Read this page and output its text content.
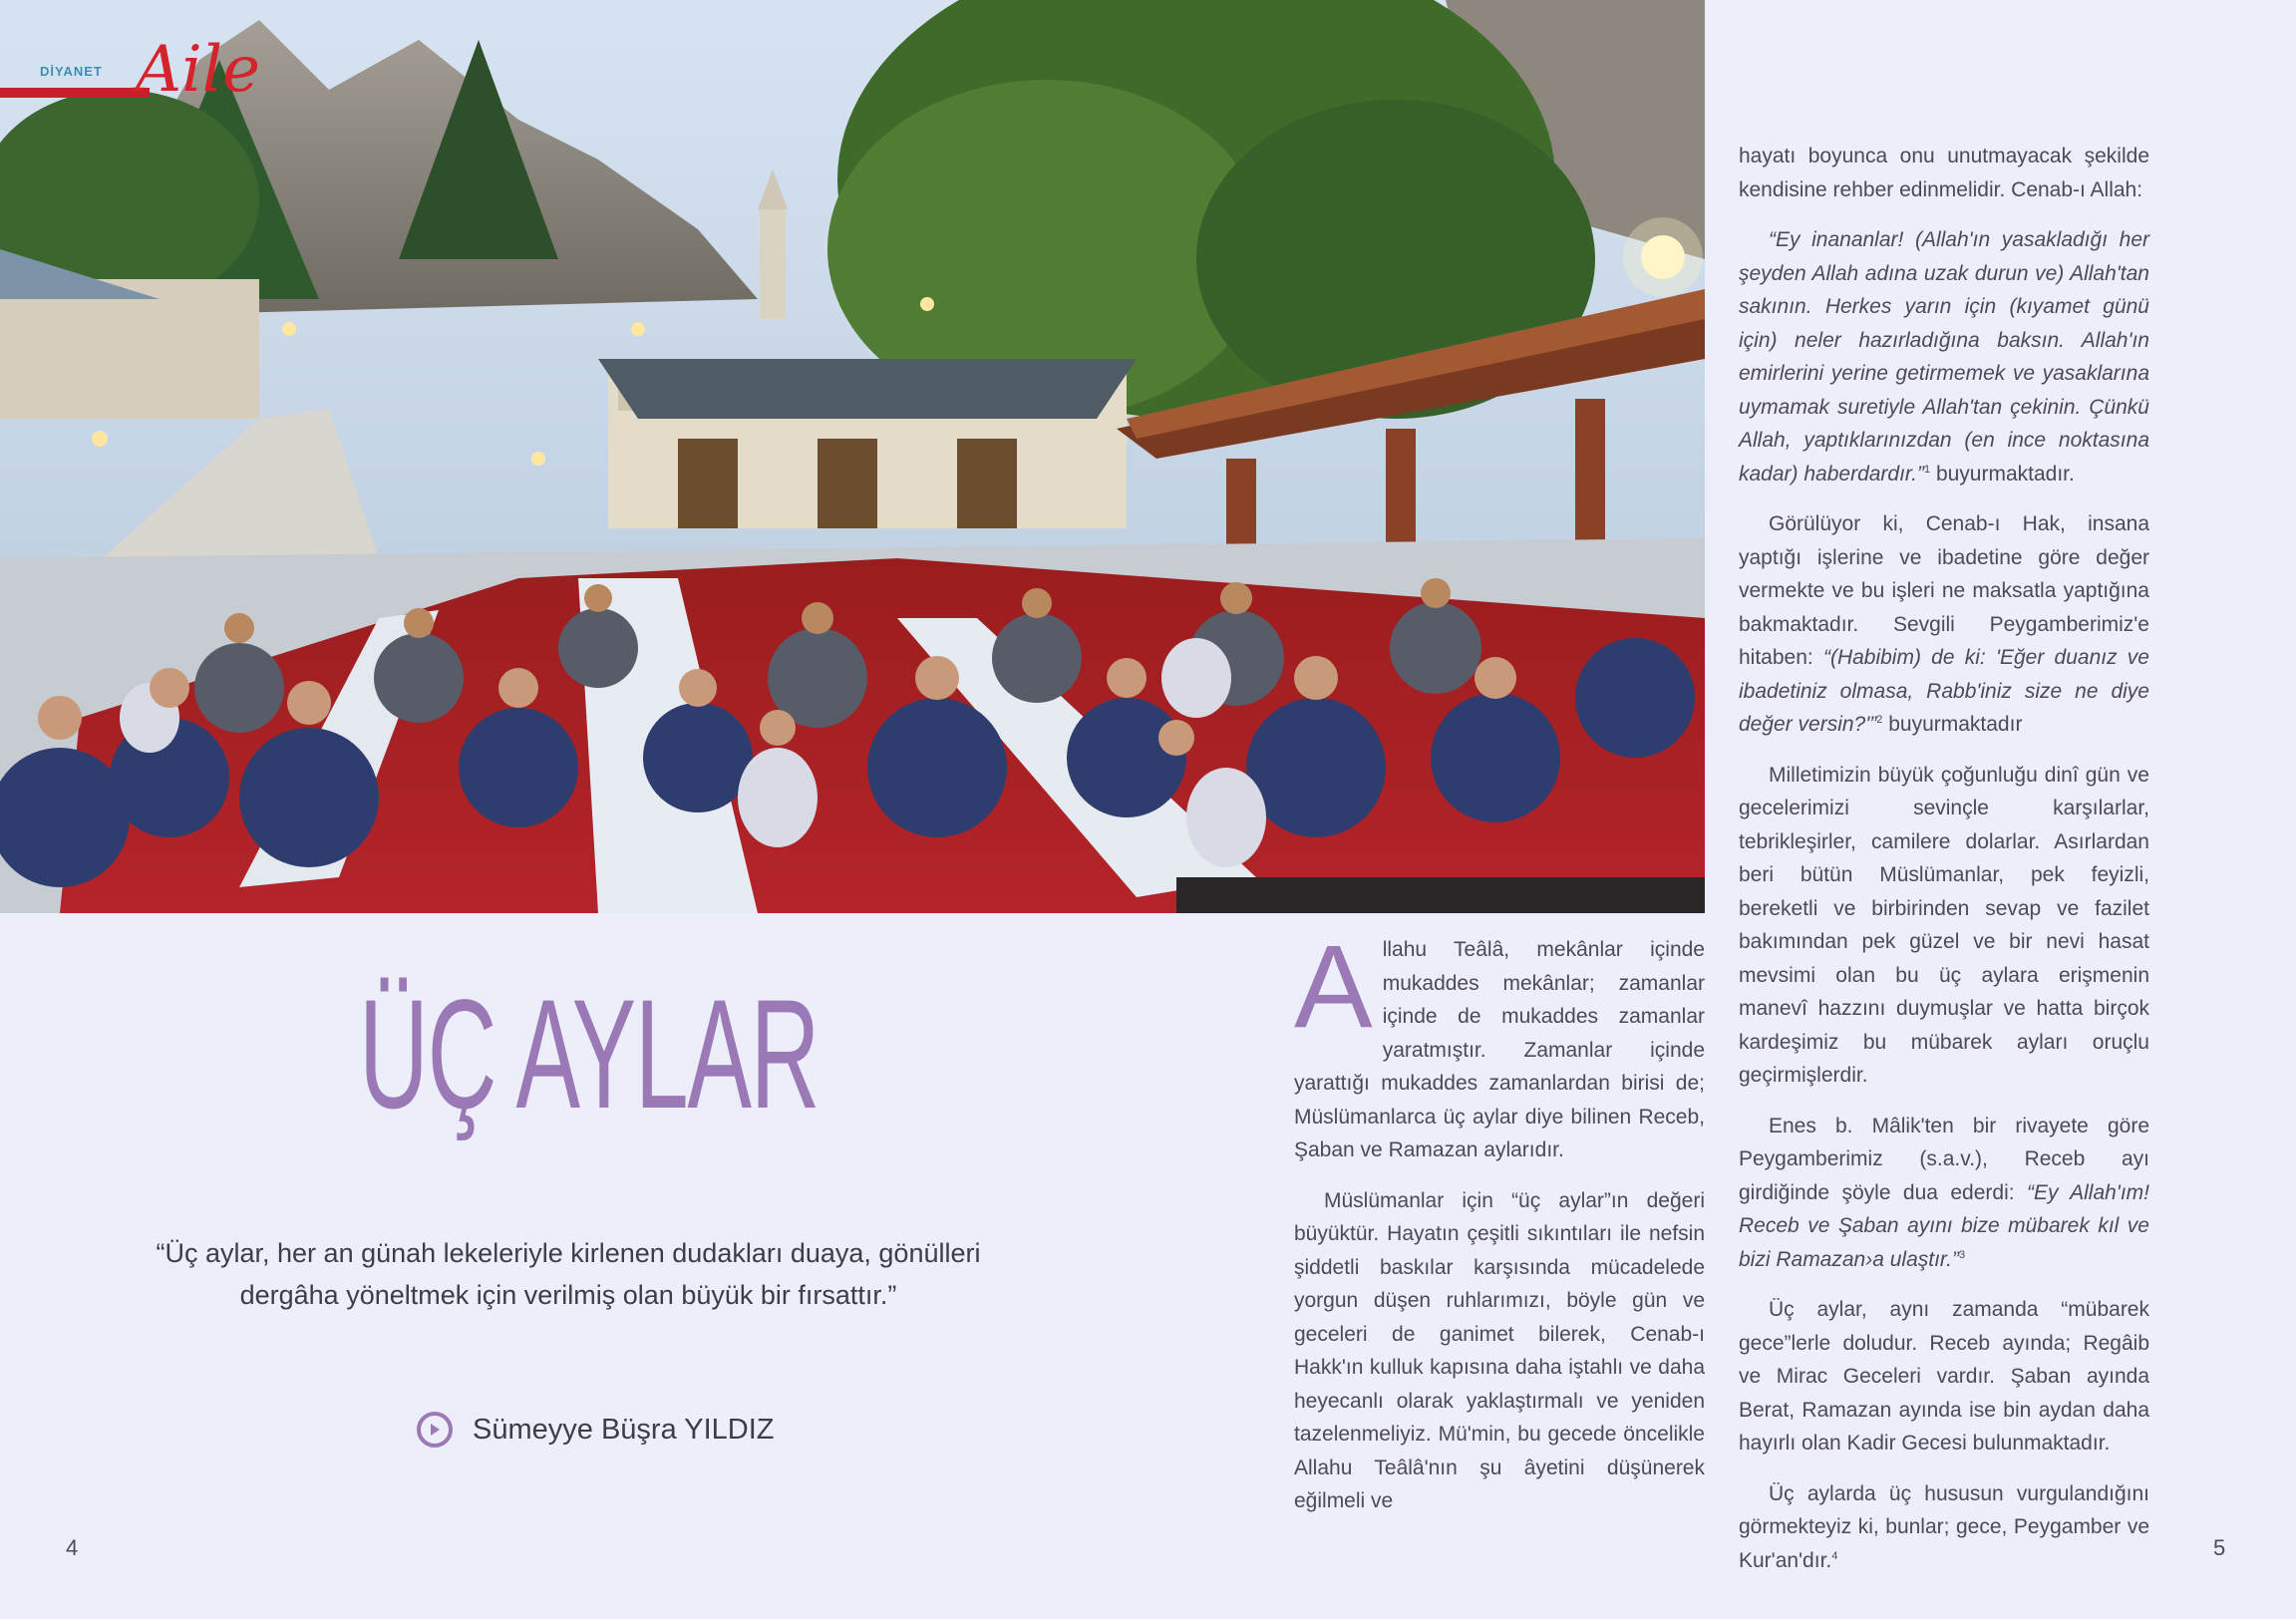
DİYANET Aile
ÜÇ AYLAR
“Üç aylar, her an günah lekeleriyle kirlenen dudakları duaya, gönülleri dergâha yöneltmek için verilmiş olan büyük bir fırsattır.”
Sümeyye Büşra YILDIZ

Allahu Teâlâ, mekânlar içinde mukaddes mekânlar; zamanlar içinde de mukaddes zamanlar yaratmıştır. Zamanlar içinde yarattığı mukaddes zamanlardan birisi de; Müslümanlarca üç aylar diye bilinen Receb, Şaban ve Ramazan aylarıdır.

Müslümanlar için “üç aylar”ın değeri büyüktür. Hayatın çeşitli sıkıntıları ile nefsin şiddetli baskılar karşısında mücadelede yorgun düşen ruhlarımızı, böyle gün ve geceleri de ganimet bilerek, Cenab-ı Hakk'ın kulluk kapısına daha iştahlı ve daha heyecanlı olarak yaklaştırmalı ve yeniden tazelenmeliyiz. Mü'min, bu gecede öncelikle Allahu Teâlâ'nın şu âyetini düşünerek eğilmeli ve

hayatı boyunca onu unutmayacak şekilde kendisine rehber edinmelidir. Cenab-ı Allah:

“Ey inananlar! (Allah'ın yasakladığı her şeyden Allah adına uzak durun ve) Allah'tan sakının. Herkes yarın için (kıyamet günü için) neler hazırladığına baksın. Allah'ın emirlerini yerine getirmemek ve yasaklarına uymamak suretiyle Allah'tan çekinin. Çünkü Allah, yaptıklarınızdan (en ince noktasına kadar) haberdardır.”$^1$ buyurmaktadır.

Görülüyor ki, Cenab-ı Hak, insana yaptığı işlerine ve ibadetine göre değer vermekte ve bu işleri ne maksatla yaptığına bakmaktadır. Sevgili Peygamberimiz'e hitaben: “(Habibim) de ki: 'Eğer duanız ve ibadetiniz olmasa, Rabb'iniz size ne diye değer versin?'”$^2$ buyurmaktadır

Milletimizin büyük çoğunluğu dinî gün ve gecelerimizi sevinçle karşılarlar, tebrikleşirler, camilere dolarlar. Asırlardan beri bütün Müslümanlar, pek feyizli, bereketli ve birbirinden sevap ve fazilet bakımından pek güzel ve bir nevi hasat mevsimi olan bu üç aylara erişmenin manevî hazzını duymuşlar ve hatta birçok kardeşimiz bu mübarek ayları oruçlu geçirmişlerdir.

Enes b. Mâlik'ten bir rivayete göre Peygamberimiz (s.a.v.), Receb ayı girdiğinde şöyle dua ederdi: “Ey Allah'ım! Receb ve Şaban ayını bize mübarek kıl ve bizi Ramazan›a ulaştır.”$^3$

Üç aylar, aynı zamanda “mübarek gece”lerle doludur. Receb ayında; Regâib ve Mirac Geceleri vardır. Şaban ayında Berat, Ramazan ayında ise bin aydan daha hayırlı olan Kadir Gecesi bulunmaktadır.

Üç aylarda üç hususun vurgulandığını görmekteyiz ki, bunlar; gece, Peygamber ve Kur'an'dır.$^4$

4	5
